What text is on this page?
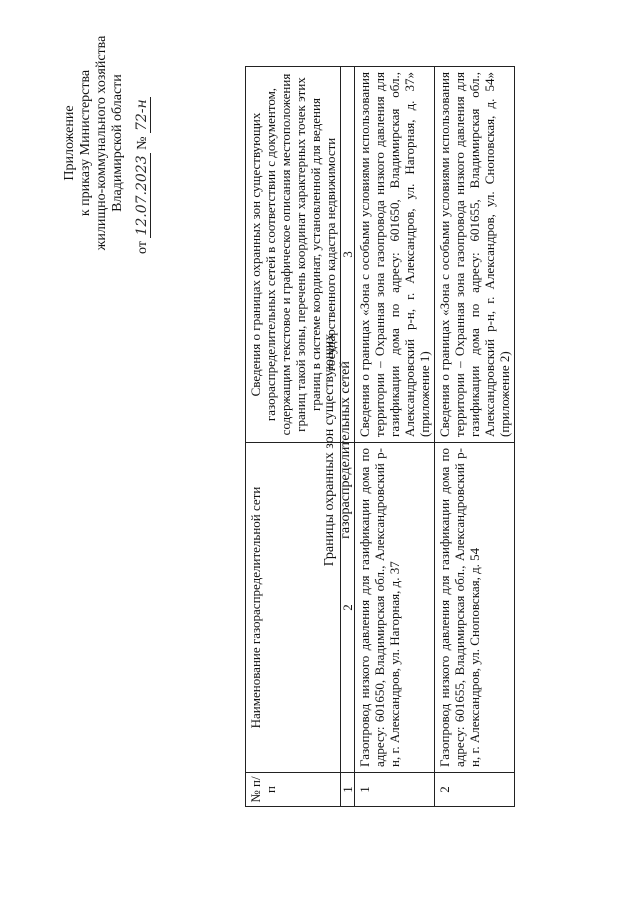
Приложение к приказу Министерства жилищно-коммунального хозяйства Владимирской области
от 12.07.2023 № 72-н
Границы охранных зон существующих газораспределительных сетей
№ п/п	Наименование газораспределительной сети	Сведения о границах охранных зон существующих газораспределительных сетей в соответствии с документом, содержащим текстовое и графическое описания местоположения границ такой зоны, перечень координат характерных точек этих границ в системе координат, установленной для ведения государственного кадастра недвижимости
1	2	3
1	Газопровод низкого давления для газификации дома по адресу: 601650, Владимирская обл., Александровский р-н, г. Александров, ул. Нагорная, д. 37	Сведения о границах «Зона с особыми условиями использования территории – Охранная зона газопровода низкого давления для газификации дома по адресу: 601650, Владимирская обл., Александровский р-н, г. Александров, ул. Нагорная, д. 37» (приложение 1)
2	Газопровод низкого давления для газификации дома по адресу: 601655, Владимирская обл., Александровский р-н, г. Александров, ул. Сноповская, д. 54	Сведения о границах «Зона с особыми условиями использования территории – Охранная зона газопровода низкого давления для газификации дома по адресу: 601655, Владимирская обл., Александровский р-н, г. Александров, ул. Сноповская, д. 54» (приложение 2)
